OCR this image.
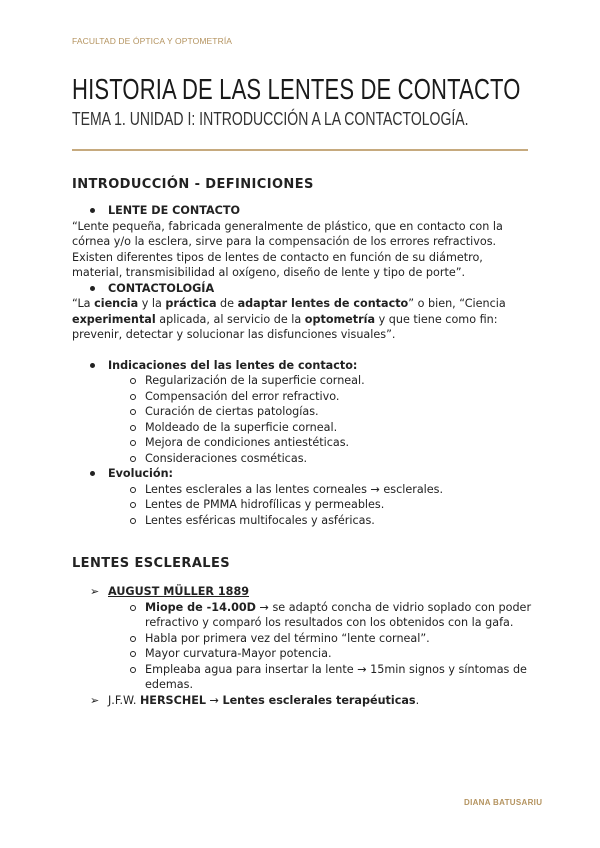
FACULTAD DE ÓPTICA Y OPTOMETRÍA
HISTORIA DE LAS LENTES DE CONTACTO
TEMA 1. UNIDAD I: INTRODUCCIÓN A LA CONTACTOLOGÍA.
INTRODUCCIÓN - DEFINICIONES
LENTE DE CONTACTO
“Lente pequeña, fabricada generalmente de plástico, que en contacto con la córnea y/o la esclera, sirve para la compensación de los errores refractivos. Existen diferentes tipos de lentes de contacto en función de su diámetro, material, transmisibilidad al oxígeno, diseño de lente y tipo de porte”.
CONTACTOLOGÍA
“La ciencia y la práctica de adaptar lentes de contacto” o bien, “Ciencia experimental aplicada, al servicio de la optometría y que tiene como fin: prevenir, detectar y solucionar las disfunciones visuales”.
Indicaciones del las lentes de contacto:
Regularización de la superficie corneal.
Compensación del error refractivo.
Curación de ciertas patologías.
Moldeado de la superficie corneal.
Mejora de condiciones antiestéticas.
Consideraciones cosméticas.
Evolución:
Lentes esclerales a las lentes corneales → esclerales.
Lentes de PMMA hidrofílicas y permeables.
Lentes esféricas multifocales y asféricas.
LENTES ESCLERALES
➢ AUGUST MÜLLER 1889
Miope de -14.00D → se adaptó concha de vidrio soplado con poder refractivo y comparó los resultados con los obtenidos con la gafa.
Habla por primera vez del término “lente corneal”.
Mayor curvatura-Mayor potencia.
Empleaba agua para insertar la lente → 15min signos y síntomas de edemas.
➢ J.F.W. HERSCHEL → Lentes esclerales terapéuticas.
DIANA BATUSARIU
